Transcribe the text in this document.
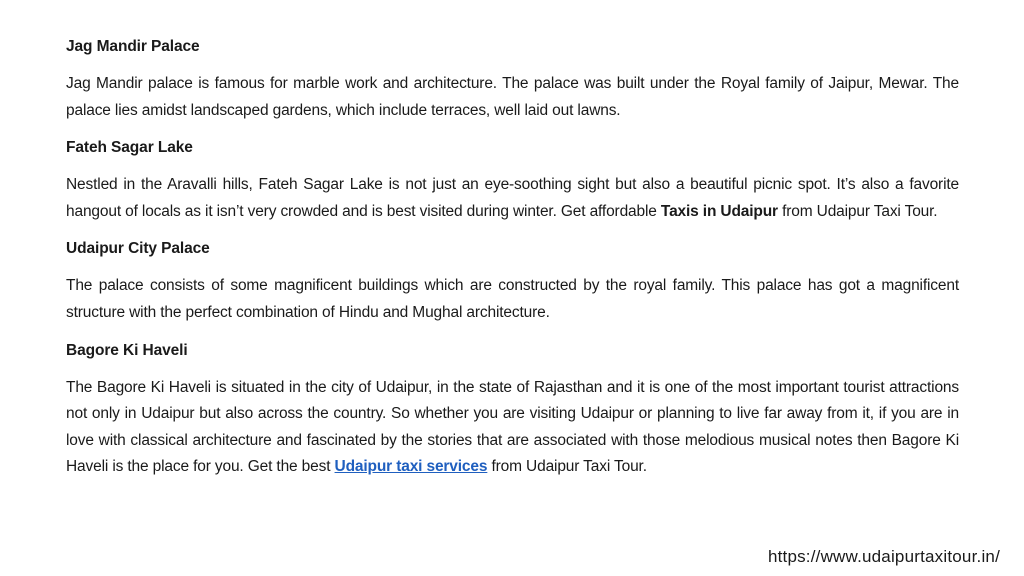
Jag Mandir Palace

Jag Mandir palace is famous for marble work and architecture. The palace was built under the Royal family of Jaipur, Mewar. The palace lies amidst landscaped gardens, which include terraces, well laid out lawns.

Fateh Sagar Lake

Nestled in the Aravalli hills, Fateh Sagar Lake is not just an eye-soothing sight but also a beautiful picnic spot. It’s also a favorite hangout of locals as it isn’t very crowded and is best visited during winter. Get affordable Taxis in Udaipur from Udaipur Taxi Tour.

Udaipur City Palace

The palace consists of some magnificent buildings which are constructed by the royal family. This palace has got a magnificent structure with the perfect combination of Hindu and Mughal architecture.

Bagore Ki Haveli

The Bagore Ki Haveli is situated in the city of Udaipur, in the state of Rajasthan and it is one of the most important tourist attractions not only in Udaipur but also across the country. So whether you are visiting Udaipur or planning to live far away from it, if you are in love with classical architecture and fascinated by the stories that are associated with those melodious musical notes then Bagore Ki Haveli is the place for you. Get the best Udaipur taxi services from Udaipur Taxi Tour.

https://www.udaipurtaxitour.in/
